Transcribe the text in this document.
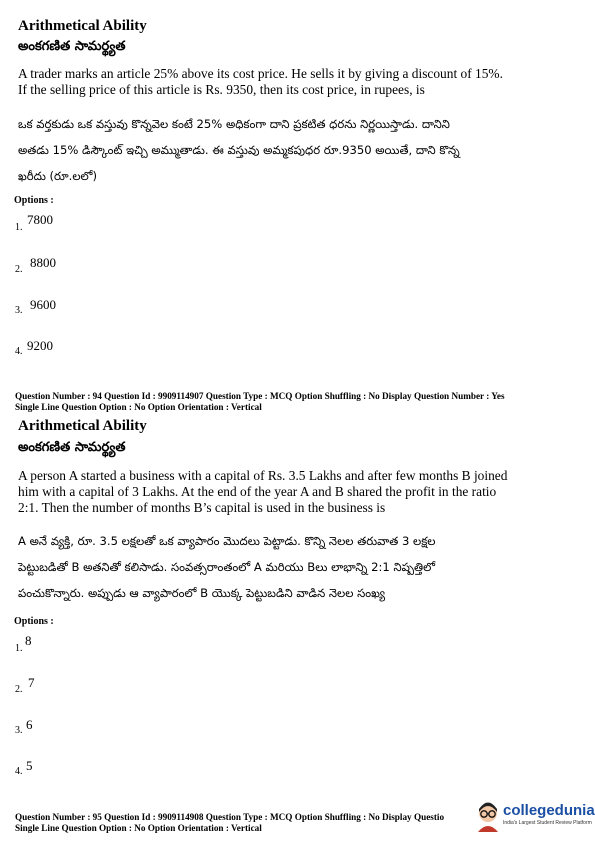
Arithmetical Ability
అంకగణిత సామర్థ్యత
A trader marks an article 25% above its cost price. He sells it by giving a discount of 15%.
If the selling price of this article is Rs. 9350, then its cost price, in rupees, is
ఒక వర్తకుడు ఒక వస్తువు కొన్నవెల కంటే 25% అధికంగా దాని ప్రకటిత ధరను నిర్ణయిస్తాడు. దానిని
అతడు 15% డిస్కౌంట్ ఇచ్చి అమ్ముతాడు. ఈ వస్తువు అమ్మకపుధర రూ.9350 అయితే, దాని కొన్న
ఖరీదు (రూ.లలో)
Options :
1.
7800
2. 8800
3. 9600
4. 9200
Question Number : 94 Question Id : 9909114907 Question Type : MCQ Option Shuffling : No Display Question Number : Yes
Single Line Question Option : No Option Orientation : Vertical
Arithmetical Ability
అంకగణిత సామర్థ్యత
A person A started a business with a capital of Rs. 3.5 Lakhs and after few months B joined
him with a capital of 3 Lakhs. At the end of the year A and B shared the profit in the ratio
2:1. Then the number of months B’s capital is used in the business is
A అనే వ్యక్తి, రూ. 3.5 లక్షలతో ఒక వ్యాపారం మొదలు పెట్టాడు. కొన్ని నెలల తరువాత 3 లక్షల
పెట్టుబడితో B అతనితో కలిసాడు. సంవత్సరాంతంలో A మరియు Bలు లాభాన్ని 2:1 నిష్పత్తిలో
పంచుకొన్నారు. అప్పుడు ఆ వ్యాపారంలో B యొక్క పెట్టుబడిని వాడిన నెలల సంఖ్య
Options :
1.
8
2. 7
3. 6
4. 5
Question Number : 95 Question Id : 9909114908 Question Type : MCQ Option Shuffling : No Display Questio
Single Line Question Option : No Option Orientation : Vertical
collegedunia
India's Largest Student Review Platform
